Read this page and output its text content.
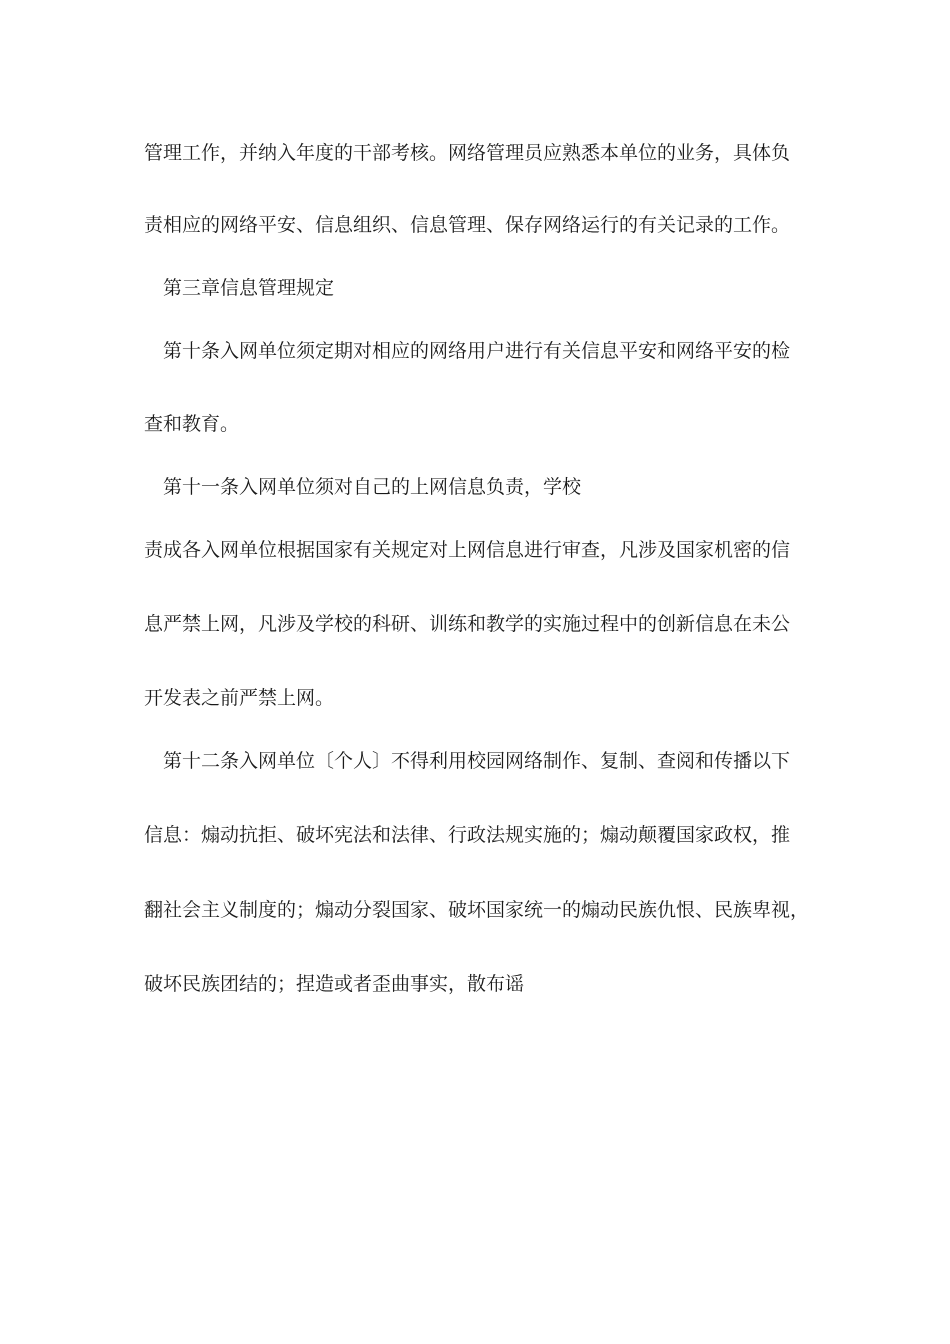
管理工作，并纳入年度的干部考核。网络管理员应熟悉本单位的业务，具体负
责相应的网络平安、信息组织、信息管理、保存网络运行的有关记录的工作。
第三章信息管理规定
第十条入网单位须定期对相应的网络用户进行有关信息平安和网络平安的检
查和教育。
第十一条入网单位须对自己的上网信息负责，学校
责成各入网单位根据国家有关规定对上网信息进行审查，凡涉及国家机密的信
息严禁上网，凡涉及学校的科研、训练和教学的实施过程中的创新信息在未公
开发表之前严禁上网。
第十二条入网单位〔个人〕不得利用校园网络制作、复制、查阅和传播以下
信息：煽动抗拒、破坏宪法和法律、行政法规实施的；煽动颠覆国家政权，推
翻社会主义制度的；煽动分裂国家、破坏国家统一的煽动民族仇恨、民族卑视，
破坏民族团结的；捏造或者歪曲事实，散布谣
